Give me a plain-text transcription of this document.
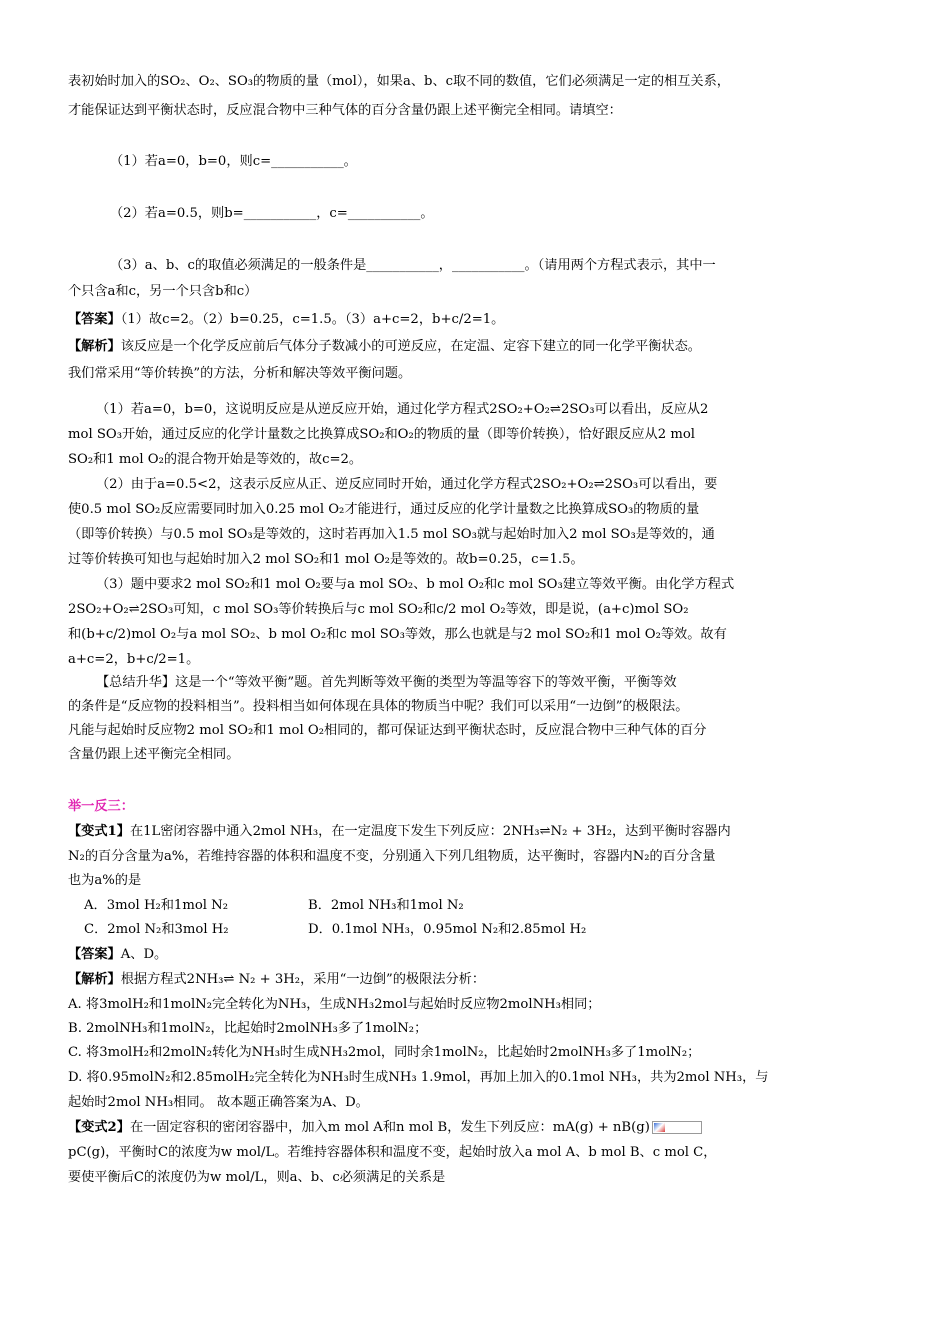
表初始时加入的SO₂、O₂、SO₃的物质的量（mol），如果a、b、c取不同的数值，它们必须满足一定的相互关系，
才能保证达到平衡状态时，反应混合物中三种气体的百分含量仍跟上述平衡完全相同。请填空：
（1）若a=0，b=0，则c=___________。
（2）若a=0.5，则b=___________，c=___________。
（3）a、b、c的取值必须满足的一般条件是___________，___________。（请用两个方程式表示，其中一
个只含a和c，另一个只含b和c）
【答案】（1）故c=2。（2）b=0.25，c=1.5。（3）a+c=2，b+c/2=1。
【解析】该反应是一个化学反应前后气体分子数减小的可逆反应，在定温、定容下建立的同一化学平衡状态。
我们常采用“等价转换”的方法，分析和解决等效平衡问题。
（1）若a=0，b=0，这说明反应是从逆反应开始，通过化学方程式2SO₂+O₂⇌2SO₃可以看出，反应从2
mol SO₃开始，通过反应的化学计量数之比换算成SO₂和O₂的物质的量（即等价转换），恰好跟反应从2 mol
SO₂和1 mol O₂的混合物开始是等效的，故c=2。
（2）由于a=0.5<2，这表示反应从正、逆反应同时开始，通过化学方程式2SO₂+O₂⇌2SO₃可以看出，要
使0.5 mol SO₂反应需要同时加入0.25 mol O₂才能进行，通过反应的化学计量数之比换算成SO₃的物质的量
（即等价转换）与0.5 mol SO₃是等效的，这时若再加入1.5 mol SO₃就与起始时加入2 mol SO₃是等效的，通
过等价转换可知也与起始时加入2 mol SO₂和1 mol O₂是等效的。故b=0.25，c=1.5。
（3）题中要求2 mol SO₂和1 mol O₂要与a mol SO₂、b mol O₂和c mol SO₃建立等效平衡。由化学方程式
2SO₂+O₂⇌2SO₃可知，c mol SO₃等价转换后与c mol SO₂和c/2 mol O₂等效，即是说，(a+c)mol SO₂
和(b+c/2)mol O₂与a mol SO₂、b mol O₂和c mol SO₃等效，那么也就是与2 mol SO₂和1 mol O₂等效。故有
a+c=2，b+c/2=1。
【总结升华】这是一个“等效平衡”题。首先判断等效平衡的类型为等温等容下的等效平衡，平衡等效
的条件是“反应物的投料相当”。投料相当如何体现在具体的物质当中呢？我们可以采用“一边倒”的极限法。
凡能与起始时反应物2 mol SO₂和1 mol O₂相同的，都可保证达到平衡状态时，反应混合物中三种气体的百分
含量仍跟上述平衡完全相同。
举一反三：
【变式1】在1L密闭容器中通入2mol NH₃，在一定温度下发生下列反应：2NH₃⇌N₂ + 3H₂，达到平衡时容器内
N₂的百分含量为a%，若维持容器的体积和温度不变，分别通入下列几组物质，达平衡时，容器内N₂的百分含量
也为a%的是
A．3mol H₂和1mol N₂	B．2mol NH₃和1mol N₂
C．2mol N₂和3mol H₂	D．0.1mol NH₃，0.95mol N₂和2.85mol H₂
【答案】A、D。
【解析】根据方程式2NH₃⇌ N₂ + 3H₂，采用“一边倒”的极限法分析：
A. 将3molH₂和1molN₂完全转化为NH₃，生成NH₃2mol与起始时反应物2molNH₃相同；
B. 2molNH₃和1molN₂，比起始时2molNH₃多了1molN₂；
C. 将3molH₂和2molN₂转化为NH₃时生成NH₃2mol，同时余1molN₂，比起始时2molNH₃多了1molN₂；
D. 将0.95molN₂和2.85molH₂完全转化为NH₃时生成NH₃ 1.9mol，再加上加入的0.1mol NH₃，共为2mol NH₃，与
起始时2mol NH₃相同。 故本题正确答案为A、D。
【变式2】在一固定容积的密闭容器中，加入m mol A和n mol B，发生下列反应：mA(g) + nB(g)
pC(g)，平衡时C的浓度为w mol/L。若维持容器体积和温度不变，起始时放入a mol A、b mol B、c mol C，
要使平衡后C的浓度仍为w mol/L，则a、b、c必须满足的关系是
